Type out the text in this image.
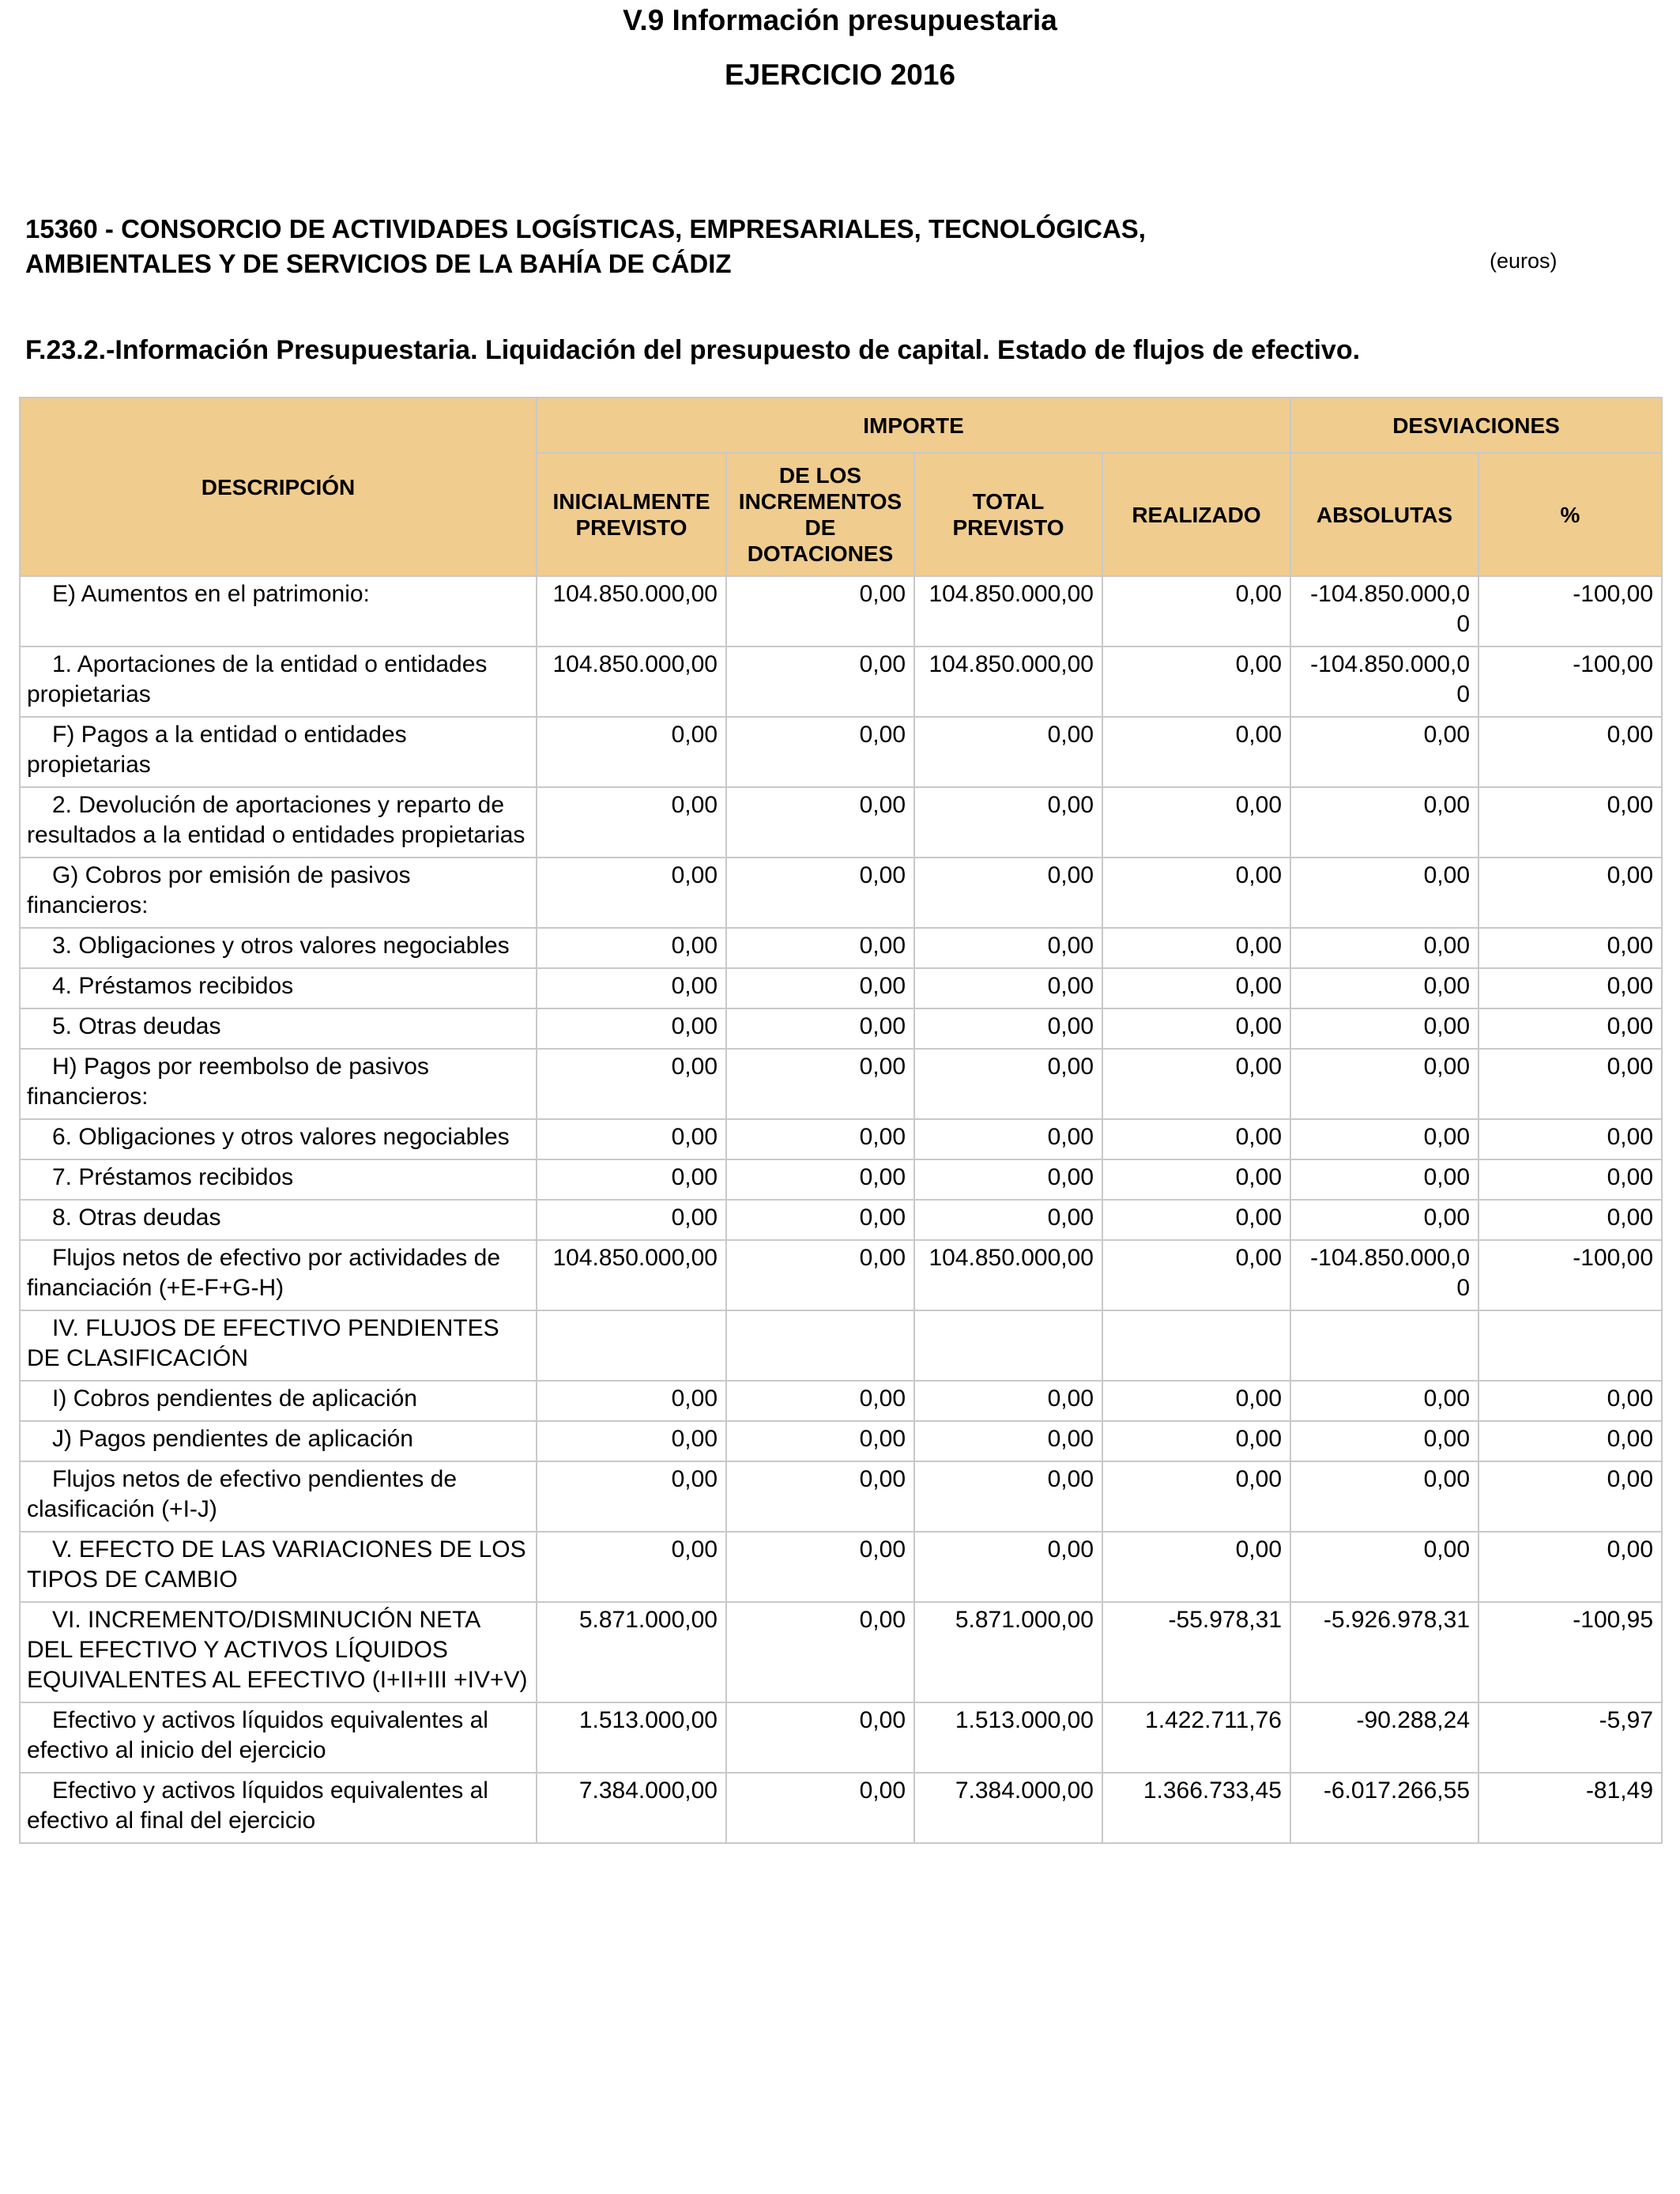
V.9 Información presupuestaria
EJERCICIO 2016
15360 - CONSORCIO DE ACTIVIDADES LOGÍSTICAS, EMPRESARIALES, TECNOLÓGICAS,
AMBIENTALES Y DE SERVICIOS DE LA BAHÍA DE CÁDIZ	(euros)
F.23.2.-Información Presupuestaria. Liquidación del presupuesto de capital. Estado de flujos de efectivo.
DESCRIPCIÓN	IMPORTE				DESVIACIONES	
	INICIALMENTE PREVISTO	DE LOS INCREMENTOS DE DOTACIONES	TOTAL PREVISTO	REALIZADO	ABSOLUTAS	%
E) Aumentos en el patrimonio:	104.850.000,00	0,00	104.850.000,00	0,00	-104.850.000,00	-100,00
1. Aportaciones de la entidad o entidades propietarias	104.850.000,00	0,00	104.850.000,00	0,00	-104.850.000,00	-100,00
F) Pagos a la entidad o entidades propietarias	0,00	0,00	0,00	0,00	0,00	0,00
2. Devolución de aportaciones y reparto de resultados a la entidad o entidades propietarias	0,00	0,00	0,00	0,00	0,00	0,00
G) Cobros por emisión de pasivos financieros:	0,00	0,00	0,00	0,00	0,00	0,00
3. Obligaciones y otros valores negociables	0,00	0,00	0,00	0,00	0,00	0,00
4. Préstamos recibidos	0,00	0,00	0,00	0,00	0,00	0,00
5. Otras deudas	0,00	0,00	0,00	0,00	0,00	0,00
H) Pagos por reembolso de pasivos financieros:	0,00	0,00	0,00	0,00	0,00	0,00
6. Obligaciones y otros valores negociables	0,00	0,00	0,00	0,00	0,00	0,00
7. Préstamos recibidos	0,00	0,00	0,00	0,00	0,00	0,00
8. Otras deudas	0,00	0,00	0,00	0,00	0,00	0,00
Flujos netos de efectivo por actividades de financiación (+E-F+G-H)	104.850.000,00	0,00	104.850.000,00	0,00	-104.850.000,00	-100,00
IV. FLUJOS DE EFECTIVO PENDIENTES DE CLASIFICACIÓN						
I) Cobros pendientes de aplicación	0,00	0,00	0,00	0,00	0,00	0,00
J) Pagos pendientes de aplicación	0,00	0,00	0,00	0,00	0,00	0,00
Flujos netos de efectivo pendientes de clasificación (+I-J)	0,00	0,00	0,00	0,00	0,00	0,00
V. EFECTO DE LAS VARIACIONES DE LOS TIPOS DE CAMBIO	0,00	0,00	0,00	0,00	0,00	0,00
VI. INCREMENTO/DISMINUCIÓN NETA DEL EFECTIVO Y ACTIVOS LÍQUIDOS EQUIVALENTES AL EFECTIVO (I+II+III +IV+V)	5.871.000,00	0,00	5.871.000,00	-55.978,31	-5.926.978,31	-100,95
Efectivo y activos líquidos equivalentes al efectivo al inicio del ejercicio	1.513.000,00	0,00	1.513.000,00	1.422.711,76	-90.288,24	-5,97
Efectivo y activos líquidos equivalentes al efectivo al final del ejercicio	7.384.000,00	0,00	7.384.000,00	1.366.733,45	-6.017.266,55	-81,49
